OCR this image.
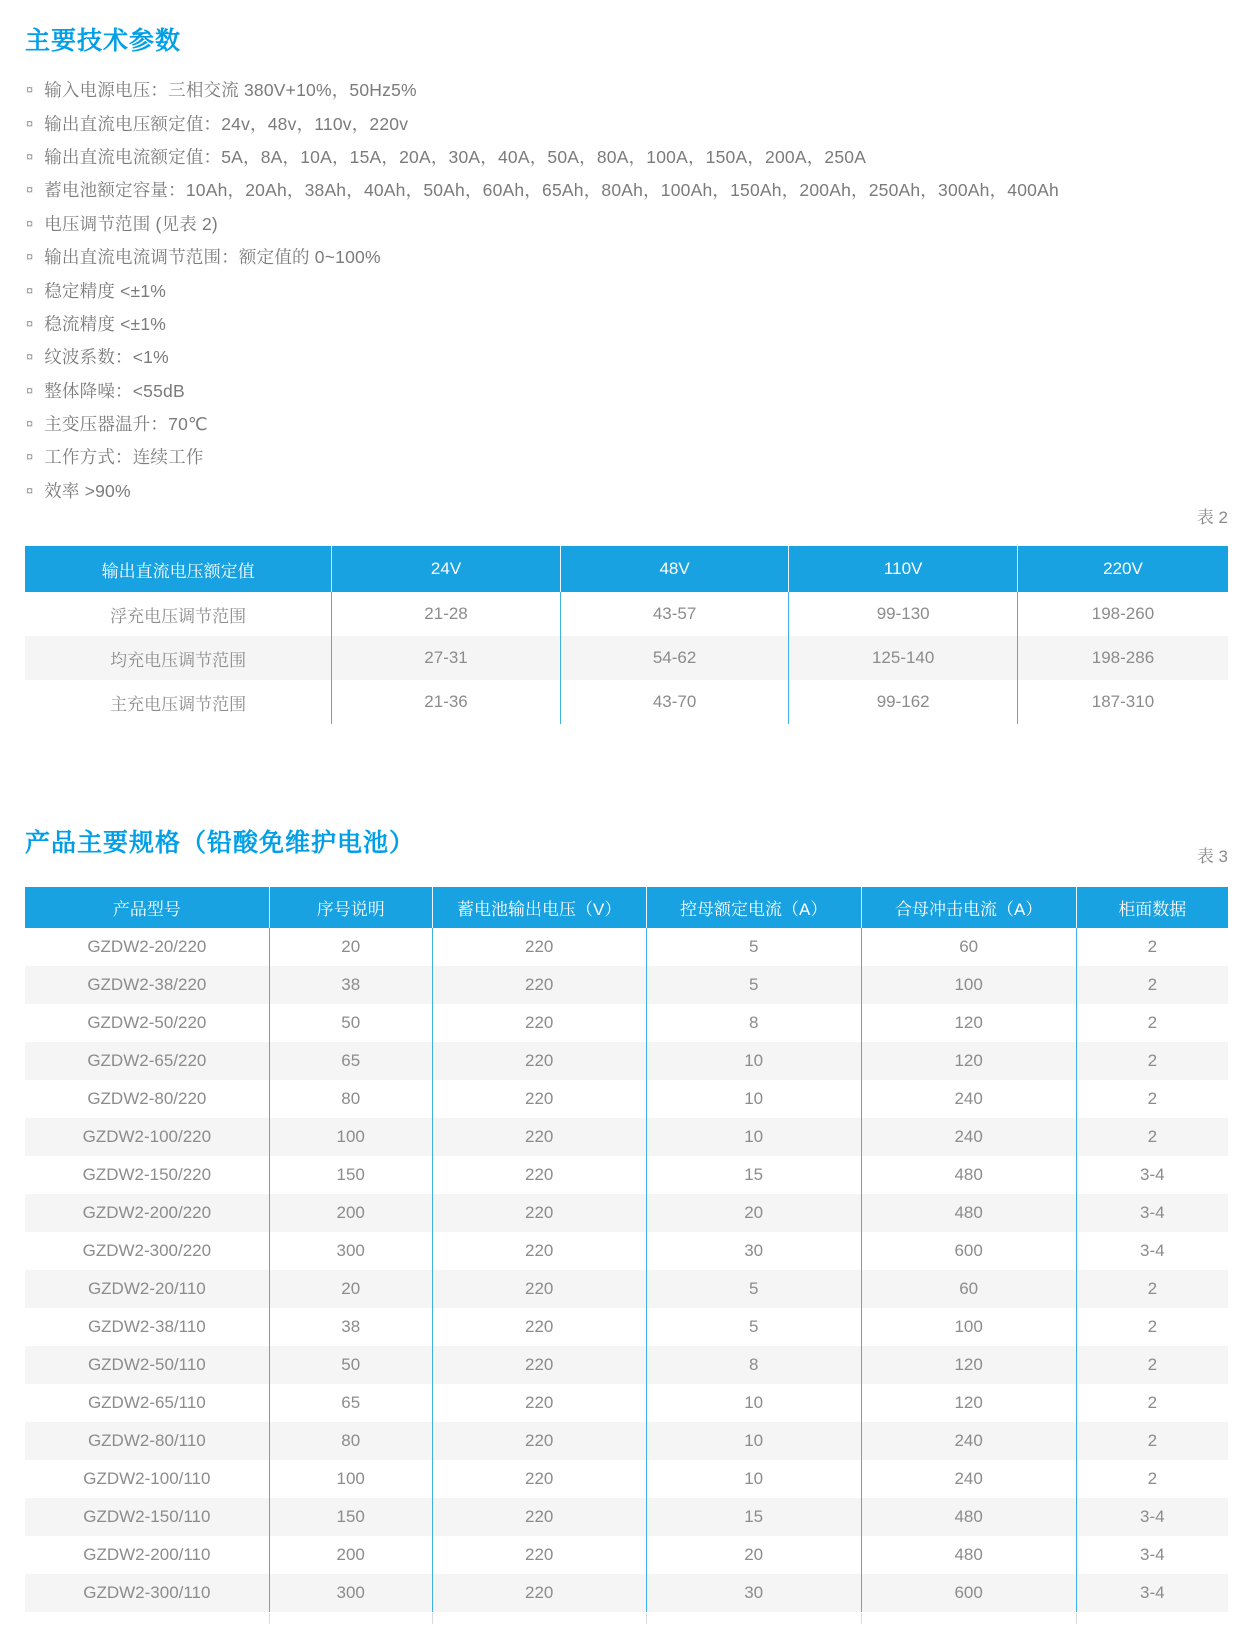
主要技术参数
¤ 输入电源电压：三相交流 380V+10%，50Hz5%
¤ 输出直流电压额定值：24v，48v，110v，220v
¤ 输出直流电流额定值：5A，8A，10A，15A，20A，30A，40A，50A，80A，100A，150A，200A，250A
¤ 蓄电池额定容量：10Ah，20Ah，38Ah，40Ah，50Ah，60Ah，65Ah，80Ah，100Ah，150Ah，200Ah，250Ah，300Ah，400Ah
¤ 电压调节范围 (见表 2)
¤ 输出直流电流调节范围：额定值的 0~100%
¤ 稳定精度 <±1%
¤ 稳流精度 <±1%
¤ 纹波系数：<1%
¤ 整体降噪：<55dB
¤ 主变压器温升：70℃
¤ 工作方式：连续工作
¤ 效率 >90%
表 2
输出直流电压额定值	24V	48V	110V	220V
浮充电压调节范围	21-28	43-57	99-130	198-260
均充电压调节范围	27-31	54-62	125-140	198-286
主充电压调节范围	21-36	43-70	99-162	187-310
产品主要规格（铅酸免维护电池）	表 3
产品型号	序号说明	蓄电池输出电压（V）	控母额定电流（A）	合母冲击电流（A）	柜面数据
GZDW2-20/220	20	220	5	60	2
GZDW2-38/220	38	220	5	100	2
GZDW2-50/220	50	220	8	120	2
GZDW2-65/220	65	220	10	120	2
GZDW2-80/220	80	220	10	240	2
GZDW2-100/220	100	220	10	240	2
GZDW2-150/220	150	220	15	480	3-4
GZDW2-200/220	200	220	20	480	3-4
GZDW2-300/220	300	220	30	600	3-4
GZDW2-20/110	20	220	5	60	2
GZDW2-38/110	38	220	5	100	2
GZDW2-50/110	50	220	8	120	2
GZDW2-65/110	65	220	10	120	2
GZDW2-80/110	80	220	10	240	2
GZDW2-100/110	100	220	10	240	2
GZDW2-150/110	150	220	15	480	3-4
GZDW2-200/110	200	220	20	480	3-4
GZDW2-300/110	300	220	30	600	3-4
